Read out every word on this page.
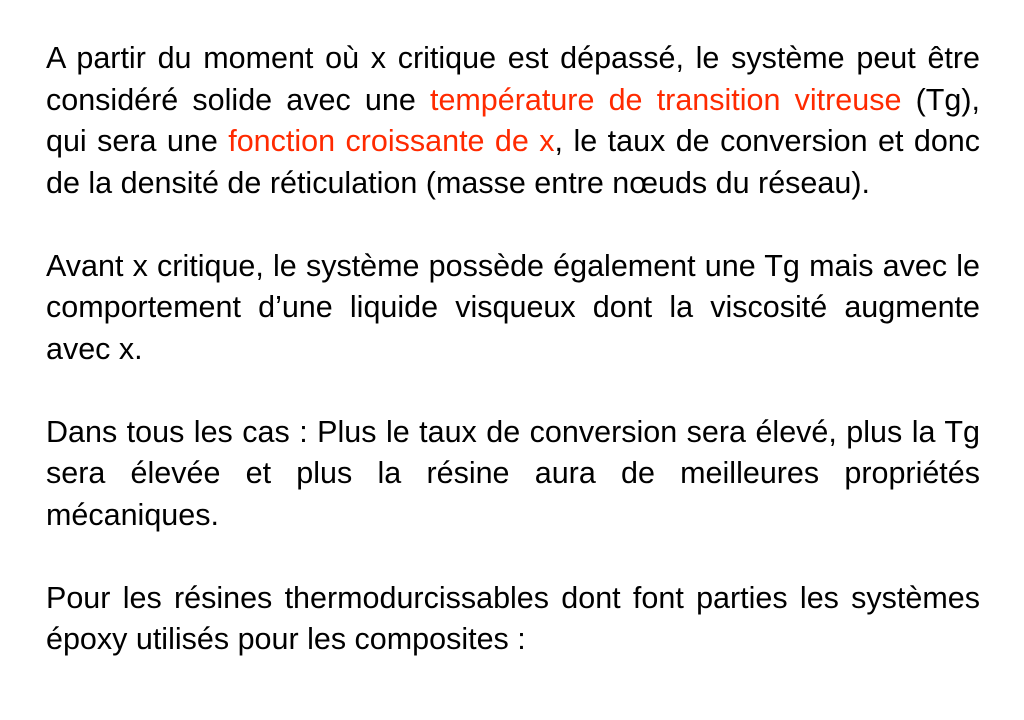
A partir du moment où x critique est dépassé, le système peut être considéré solide avec une température de transition vitreuse (Tg), qui sera une fonction croissante de x, le taux de conversion et donc de la densité de réticulation (masse entre nœuds du réseau).

Avant x critique, le système possède également une Tg mais avec le comportement d’une liquide visqueux dont la viscosité augmente avec x.

Dans tous les cas : Plus le taux de conversion sera élevé, plus la Tg sera élevée et plus la résine aura de meilleures propriétés mécaniques.

Pour les résines thermodurcissables dont font parties les systèmes époxy utilisés pour les composites :
